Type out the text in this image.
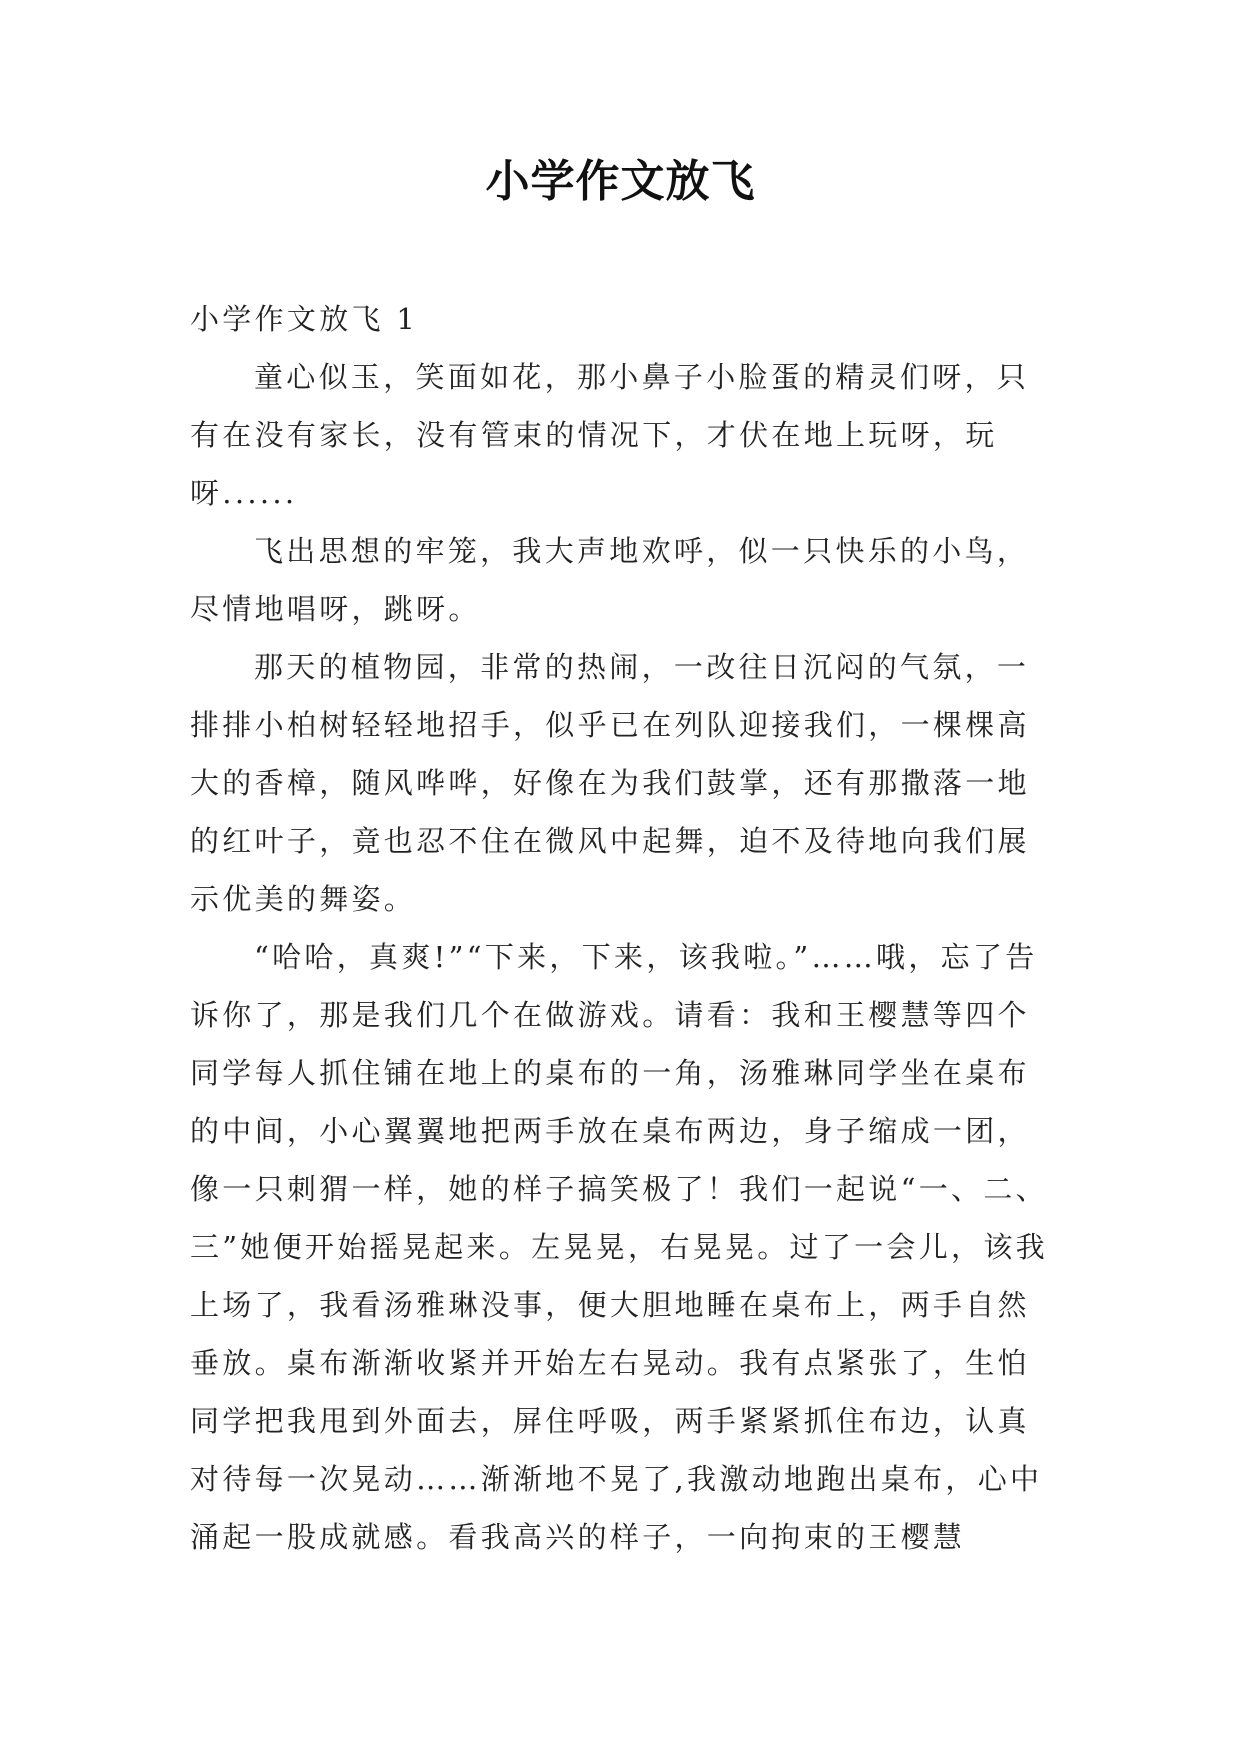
小学作文放飞

小学作文放飞 1

童心似玉，笑面如花，那小鼻子小脸蛋的精灵们呀，只有在没有家长，没有管束的情况下，才伏在地上玩呀，玩呀......

飞出思想的牢笼，我大声地欢呼，似一只快乐的小鸟，尽情地唱呀，跳呀。

那天的植物园，非常的热闹，一改往日沉闷的气氛，一排排小柏树轻轻地招手，似乎已在列队迎接我们，一棵棵高大的香樟，随风哗哗，好像在为我们鼓掌，还有那撒落一地的红叶子，竟也忍不住在微风中起舞，迫不及待地向我们展示优美的舞姿。

“哈哈，真爽!”“下来，下来，该我啦。”……哦，忘了告诉你了，那是我们几个在做游戏。请看：我和王樱慧等四个同学每人抓住铺在地上的桌布的一角，汤雅琳同学坐在桌布的中间，小心翼翼地把两手放在桌布两边，身子缩成一团，像一只刺猬一样，她的样子搞笑极了！我们一起说“一、二、三”她便开始摇晃起来。左晃晃，右晃晃。过了一会儿，该我上场了，我看汤雅琳没事，便大胆地睡在桌布上，两手自然垂放。桌布渐渐收紧并开始左右晃动。我有点紧张了，生怕同学把我甩到外面去，屏住呼吸，两手紧紧抓住布边，认真对待每一次晃动……渐渐地不晃了,我激动地跑出桌布，心中涌起一股成就感。看我高兴的样子，一向拘束的王樱慧
